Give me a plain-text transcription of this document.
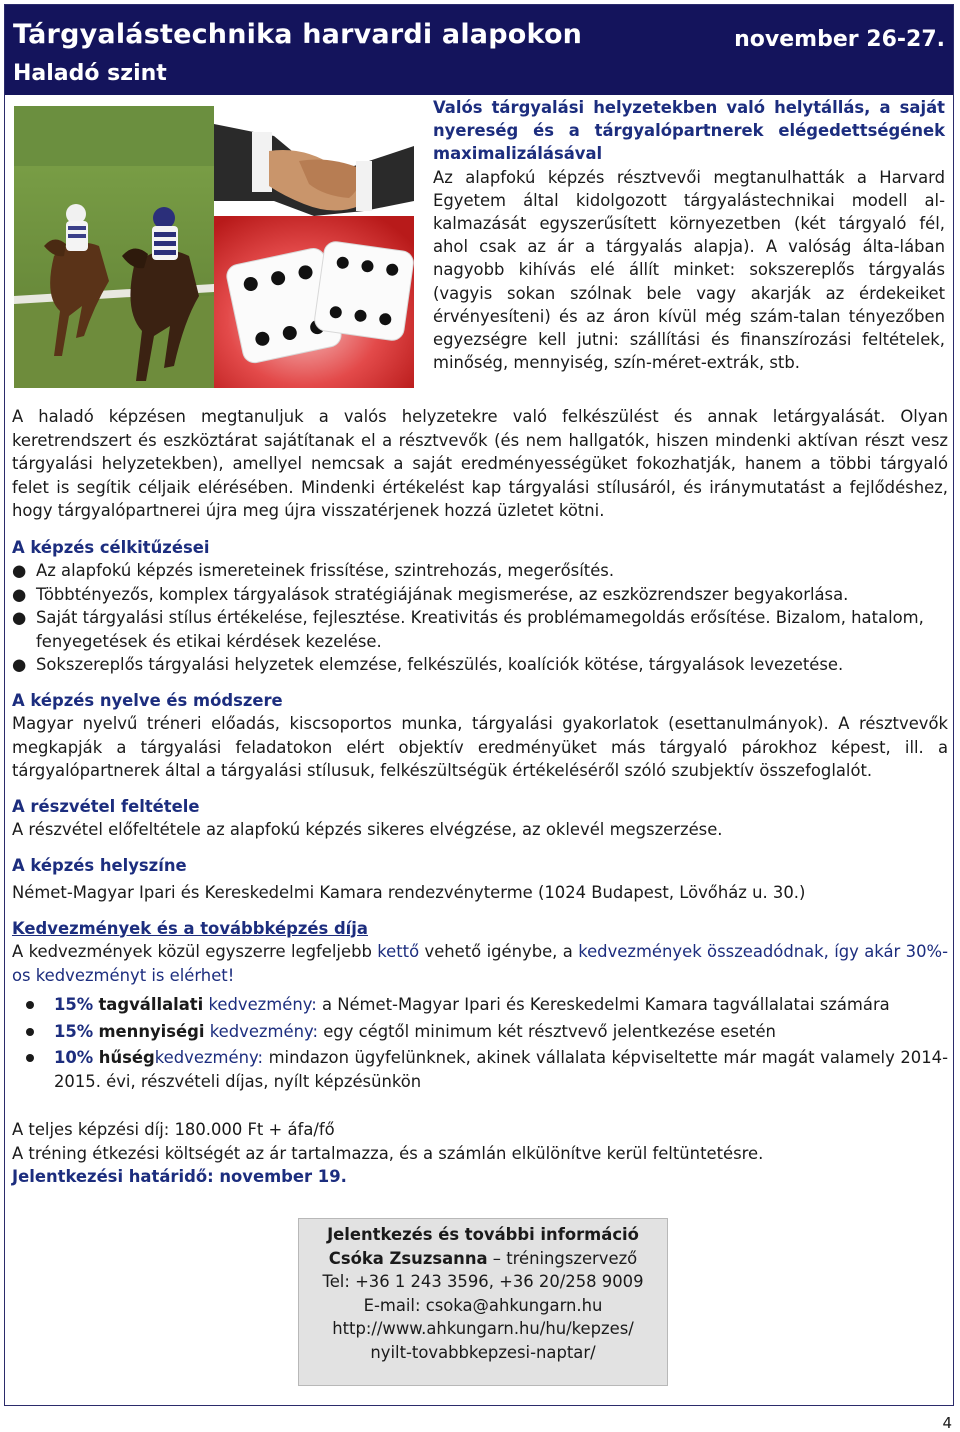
Tárgyalástechnika harvardi alapokon	november 26-27.
Haladó szint
Valós tárgyalási helyzetekben való helytállás, a saját nyereség és a tárgyalópartnerek elégedettségének maximalizálásával
Az alapfokú képzés résztvevői megtanulhatták a Harvard Egyetem által kidolgozott tárgyalástechnikai modell al-kalmazását egyszerűsített környezetben (két tárgyaló fél, ahol csak az ár a tárgyalás alapja). A valóság álta-lában nagyobb kihívás elé állít minket: sokszereplős tárgyalás (vagyis sokan szólnak bele vagy akarják az érdekeiket érvényesíteni) és az áron kívül még szám-talan tényezőben egyezségre kell jutni: szállítási és finanszírozási feltételek, minőség, mennyiség, szín-méret-extrák, stb.

A haladó képzésen megtanuljuk a valós helyzetekre való felkészülést és annak letárgyalását. Olyan keretrendszert és eszköztárat sajátítanak el a résztvevők (és nem hallgatók, hiszen mindenki aktívan részt vesz tárgyalási helyzetekben), amellyel nemcsak a saját eredményességüket fokozhatják, hanem a többi tárgyaló felet is segítik céljaik elérésében. Mindenki értékelést kap tárgyalási stílusáról, és iránymutatást a fejlődéshez, hogy tárgyalópartnerei újra meg újra visszatérjenek hozzá üzletet kötni.

A képzés célkitűzései
● Az alapfokú képzés ismereteinek frissítése, szintrehozás, megerősítés.
● Többtényezős, komplex tárgyalások stratégiájának megismerése, az eszközrendszer begyakorlása.
● Saját tárgyalási stílus értékelése, fejlesztése. Kreativitás és problémamegoldás erősítése. Bizalom, hatalom, fenyegetések és etikai kérdések kezelése.
● Sokszereplős tárgyalási helyzetek elemzése, felkészülés, koalíciók kötése, tárgyalások levezetése.
A képzés nyelve és módszere

Magyar nyelvű tréneri előadás, kiscsoportos munka, tárgyalási gyakorlatok (esettanulmányok). A résztvevők megkapják a tárgyalási feladatokon elért objektív eredményüket más tárgyaló párokhoz képest, ill. a tárgyalópartnerek által a tárgyalási stílusuk, felkészültségük értékeléséről szóló szubjektív összefoglalót.

A részvétel feltétele

A részvétel előfeltétele az alapfokú képzés sikeres elvégzése, az oklevél megszerzése.

A képzés helyszíne

Német-Magyar Ipari és Kereskedelmi Kamara rendezvényterme (1024 Budapest, Lövőház u. 30.)

Kedvezmények és a továbbképzés díja

A kedvezmények közül egyszerre legfeljebb kettő vehető igénybe, a kedvezmények összeadódnak, így akár 30%-os kedvezményt is elérhet!

15% tagvállalati kedvezmény: a Német-Magyar Ipari és Kereskedelmi Kamara tagvállalatai számára
15% mennyiségi kedvezmény: egy cégtől minimum két résztvevő jelentkezése esetén
10% hűségkedvezmény: mindazon ügyfelünknek, akinek vállalata képviseltette már magát valamely 2014-2015. évi, részvételi díjas, nyílt képzésünkön

A teljes képzési díj: 180.000 Ft + áfa/fő

A tréning étkezési költségét az ár tartalmazza, és a számlán elkülönítve kerül feltüntetésre.

Jelentkezési határidő: november 19.

Jelentkezés és további információ
Csóka Zsuzsanna – tréningszervező
Tel: +36 1 243 3596, +36 20/258 9009
E-mail: csoka@ahkungarn.hu
http://www.ahkungarn.hu/hu/kepzes/
nyilt-tovabbkepzesi-naptar/
4
